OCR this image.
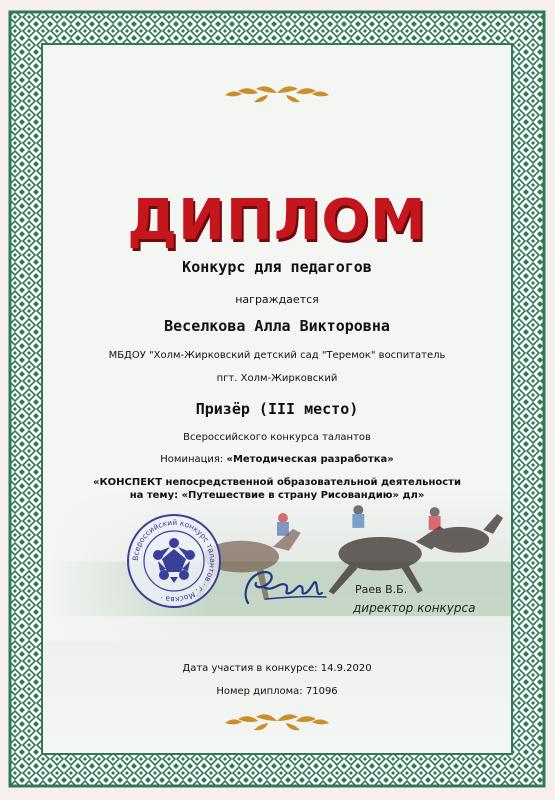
ДИПЛОМ
Конкурс для педагогов
награждается
Веселкова Алла Викторовна
МБДОУ "Холм-Жирковский детский сад "Теремок" воспитатель
пгт. Холм-Жирковский
Призёр (III место)
Всероссийского конкурса талантов
Номинация: «Методическая разработка»
«КОНСПЕКТ непосредственной образовательной деятельности на тему: «Путешествие в страну Рисовандию» дл»
Всероссийский конкурс талантов · г. Москва ·
Раев В.Б.
директор конкурса
Дата участия в конкурсе: 14.9.2020
Номер диплома: 71096
